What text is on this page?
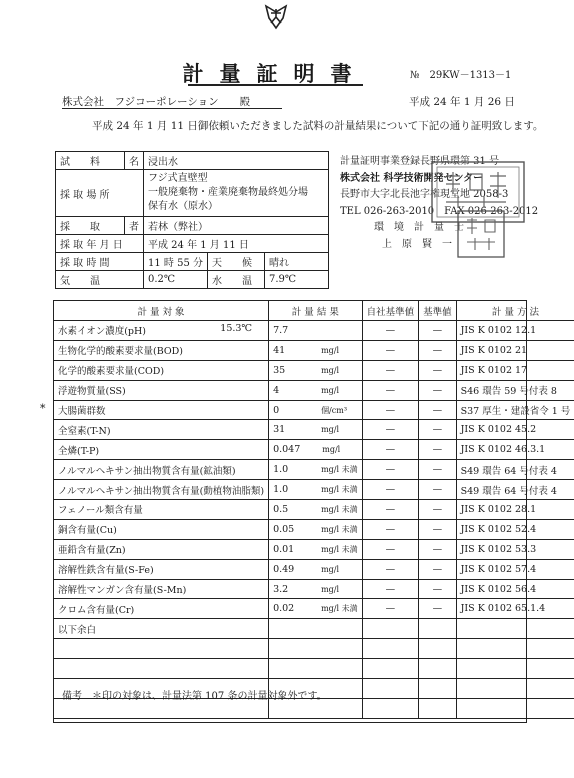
計量証明書	№　29KW－1313－1
株式会社　フジコーポレーション　　殿	平成 24 年 1 月 26 日
平成 24 年 1 月 11 日御依頼いただきました試料の計量結果について下記の通り証明致します。
試　　料	名	浸出水		
採 取 場 所		フジ式直壁型
一般廃棄物・産業廃棄物最終処分場
保有水（原水）		
採　　取	者	若林（弊社）		
採 取 年 月 日		平成 24 年 1 月 11 日		
採 取 時 間		11 時 55 分	天　　候	晴れ
気　　温		0.2℃	水　　温	7.9℃
計量証明事業登録長野県環第 31 号
株式会社 科学技術開発センター
長野市大字北長池字権現堂地 2058-3
TEL 026-263-2010　FAX 026-263-2012
環　境　計　量　士
上　原　賢　一
*
計 量 対 象	計 量 結 果	自社基準値	基準値	計 量 方 法
水素イオン濃度(pH) 15.3℃	7.7	—	—	JIS K 0102 12.1
生物化学的酸素要求量(BOD)	41 mg/l	—	—	JIS K 0102 21
化学的酸素要求量(COD)	35 mg/l	—	—	JIS K 0102 17
浮遊物質量(SS)	4 mg/l	—	—	S46 環告 59 号付表 8
大腸菌群数	0 個/cm³	—	—	S37 厚生・建設省令 1 号
全窒素(T-N)	31 mg/l	—	—	JIS K 0102 45.2
全燐(T-P)	0.047 mg/l	—	—	JIS K 0102 46.3.1
ノルマルヘキサン抽出物質含有量(鉱油類)	1.0 mg/l 未満	—	—	S49 環告 64 号付表 4
ノルマルヘキサン抽出物質含有量(動植物油脂類)	1.0 mg/l 未満	—	—	S49 環告 64 号付表 4
フェノール類含有量	0.5 mg/l 未満	—	—	JIS K 0102 28.1
銅含有量(Cu)	0.05 mg/l 未満	—	—	JIS K 0102 52.4
亜鉛含有量(Zn)	0.01 mg/l 未満	—	—	JIS K 0102 53.3
溶解性鉄含有量(S-Fe)	0.49 mg/l	—	—	JIS K 0102 57.4
溶解性マンガン含有量(S-Mn)	3.2 mg/l	—	—	JIS K 0102 56.4
クロム含有量(Cr)	0.02 mg/l 未満	—	—	JIS K 0102 65.1.4
以下余白				

備考　＊印の対象は、計量法第 107 条の計量対象外です。
